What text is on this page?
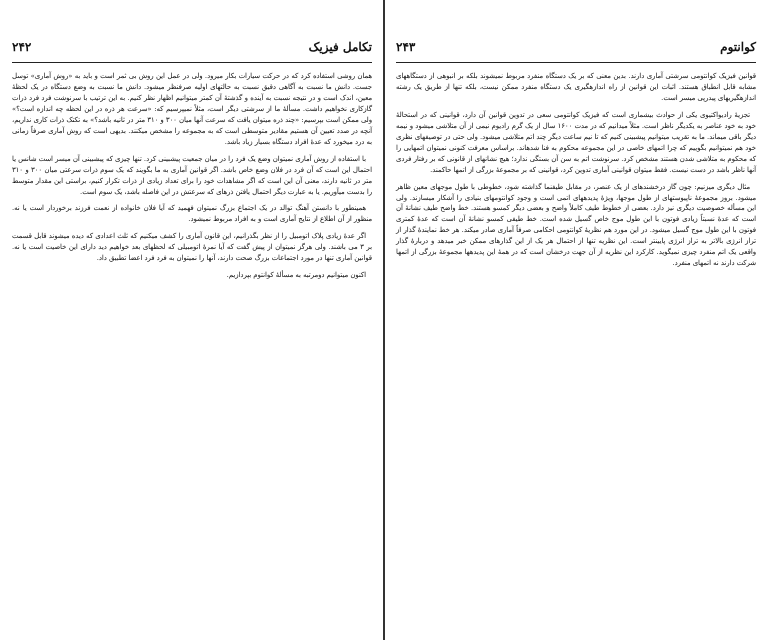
تکامل فیزیک
۲۴۲

همان روشی استفاده کرد که در حرکت سیارات بکار میرود. ولی در عمل این روش بی ثمر است و باید به «روش آماری» توسل جست. دانش ما نسبت به آگاهی دقیق نسبت به حالتهای اولیه صرفنظر میشود. دانش ما نسبت به وضع دستگاه در یک لحظهٔ معین، اندک است و در نتیجه نسبت به آینده و گذشتهٔ آن کمتر میتوانیم اظهار نظر کنیم. به این ترتیب با سرنوشت فرد فرد ذرات گازکاری نخواهیم داشت. مسألهٔ ما از سرشتی دیگر است، مثلاً نمیپرسیم که: «سرعت هر ذره در این لحظه چه اندازه است؟» ولی ممکن است بپرسیم: «چند ذره میتوان یافت که سرعت آنها میان ۳۰۰ و ۳۱۰ متر در ثانیه باشد؟» به تکتک ذرات کاری نداریم، آنچه در صدد تعیین آن هستیم مقادیر متوسطی است که به مجموعه را مشخص میکنند. بدیهی است که روش آماری صرفاً زمانی به درد میخورد که عدهٔ افراد دستگاه بسیار زیاد باشد.

با استفاده از روش آماری نمیتوان وضع یک فرد را در میان جمعیت پیشبینی کرد. تنها چیزی که پیشبینی آن میسر است شانس یا احتمال این است که آن فرد در فلان وضع خاص باشد. اگر قوانین آماری به ما بگویند که یک سوم ذرات سرعتی میان ۳۰۰ و ۳۱۰ متر در ثانیه دارند، معنی آن این است که اگر مشاهدات خود را برای تعداد زیادی از ذرات تکرار کنیم، براستی این مقدار متوسط را بدست میآوریم. یا به عبارت دیگر احتمال یافتن ذرهای که سرعتش در این فاصله باشد، یک سوم است.

همینطور با دانستن آهنگ توالد در یک اجتماع بزرگ نمیتوان فهمید که آیا فلان خانواده از نعمت فرزند برخوردار است یا نه. منظور از آن اطلاع از نتایج آماری است و به افراد مربوط نمیشود.

اگر عدهٔ زیادی پلاک اتومبیل را از نظر بگذرانیم، این قانون آماری را کشف میکنیم که ثلث اعدادی که دیده میشوند قابل قسمت بر ۳ می باشند. ولی هرگز نمیتوان از پیش گفت که آیا نمرهٔ اتومبیلی که لحظهای بعد خواهیم دید دارای این خاصیت است یا نه. قوانین آماری تنها در مورد اجتماعات بزرگ صحت دارند، آنها را نمیتوان به فرد فرد اعضا تطبیق داد.

اکنون میتوانیم دومرتبه به مسألهٔ کوانتوم بپردازیم.

کوانتوم
۲۴۳

قوانین فیزیک کوانتومی سرشتی آماری دارند. بدین معنی که بر یک دستگاه منفرد مربوط نمیشوند بلکه بر انبوهی از دستگاههای مشابه قابل انطباق هستند. اثبات این قوانین از راه اندازهگیری یک دستگاه منفرد ممکن نیست، بلکه تنها از طریق یک رشته اندازهگیریهای پیدرپی میسر است.

تجزیهٔ رادیواکتیوی یکی از حوادث بیشماری است که فیزیک کوانتومی سعی در تدوین قوانین آن دارد، قوانینی که در استحالهٔ خود به خود عناصر به یکدیگر ناظر است. مثلاً میدانیم که در مدت ۱۶۰۰ سال از یک گرم رادیوم نیمی از آن متلاشی میشود و نیمه دیگر باقی میماند. ما به تقریب میتوانیم پیشبینی کنیم که تا نیم ساعت دیگر چند اتم متلاشی میشود. ولی حتی در توصیفهای نظری خود هم نمیتوانیم بگوییم که چرا اتمهای خاصی در این مجموعه محکوم به فنا شدهاند. براساس معرفت کنونی نمیتوان اتمهایی را که محکوم به متلاشی شدن هستند مشخص کرد. سرنوشت اتم به سن آن بستگی ندارد؛ هیچ نشانهای از قانونی که بر رفتار فردی آنها ناظر باشد در دست نیست. فقط میتوان قوانینی آماری تدوین کرد، قوانینی که بر مجموعهٔ بزرگی از اتمها حاکمند.

مثال دیگری میزنیم: چون گاز درخشندهای از یک عنصر، در مقابل طیفنما گذاشته شود، خطوطی با طول موجهای معین ظاهر میشود. بروز مجموعهٔ ناپیوستهای از طول موجها، ویژهٔ پدیدههای اتمی است و وجود کوانتومهای بنیادی را آشکار میسازند. ولی این مسأله خصوصیت دیگری نیز دارد. بعضی از خطوط طیف کاملاً واضح و بعضی دیگر کمسو هستند. خط واضح طیف نشانهٔ آن است که عدهٔ نسبتاً زیادی فوتون با این طول موج خاص گسیل شده است. خط طیفی کمسو نشانهٔ آن است که عدهٔ کمتری فوتون با این طول موج گسیل میشود. در این مورد هم نظریهٔ کوانتومی احکامی صرفاً آماری صادر میکند. هر خط نمایندهٔ گذار از تراز انرژی بالاتر به تراز انرژی پایینتر است. این نظریه تنها از احتمال هر یک از این گذارهای ممکن خبر میدهد و دربارهٔ گذار واقعی یک اتم منفرد چیزی نمیگوید. کارکرد این نظریه از آن جهت درخشان است که در همهٔ این پدیدهها مجموعهٔ بزرگی از اتمها شرکت دارند نه اتمهای منفرد.
